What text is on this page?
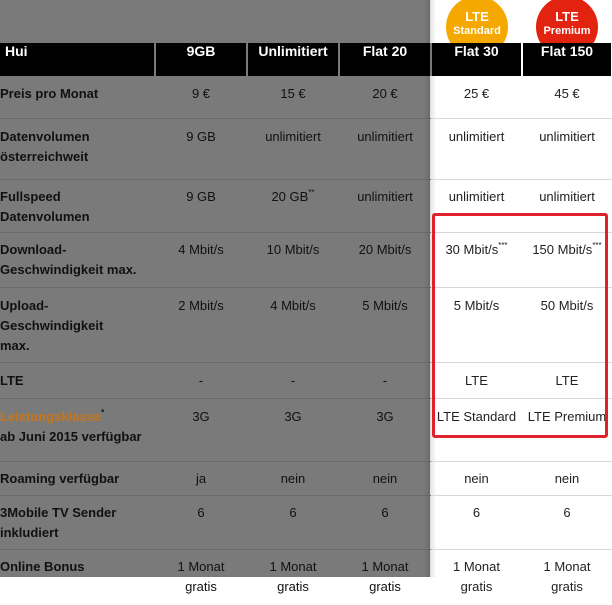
LTE
Standard
LTE
Premium
Hui	9GB	Unlimitiert	Flat 20	Flat 30	Flat 150
Preis pro Monat	9 €	15 €	20 €	25 €	45 €

Datenvolumen
österreichweit	9 GB	unlimitiert	unlimitiert	unlimitiert	unlimitiert

Fullspeed
Datenvolumen	9 GB	20 GB**	unlimitiert	unlimitiert	unlimitiert

Download-
Geschwindigkeit max.	4 Mbit/s	10 Mbit/s	20 Mbit/s	30 Mbit/s***	150 Mbit/s***

Upload-
Geschwindigkeit
max.	2 Mbit/s	4 Mbit/s	5 Mbit/s	5 Mbit/s	50 Mbit/s
LTE	-	-	-	LTE	LTE

Leistungsklasse*
ab Juni 2015 verfügbar	3G	3G	3G	LTE Standard	LTE Premium
Roaming verfügbar	ja	nein	nein	nein	nein

3Mobile TV Sender
inkludiert	6	6	6	6	6
Online Bonus	1 Monat gratis	1 Monat gratis	1 Monat gratis	1 Monat gratis	1 Monat gratis
